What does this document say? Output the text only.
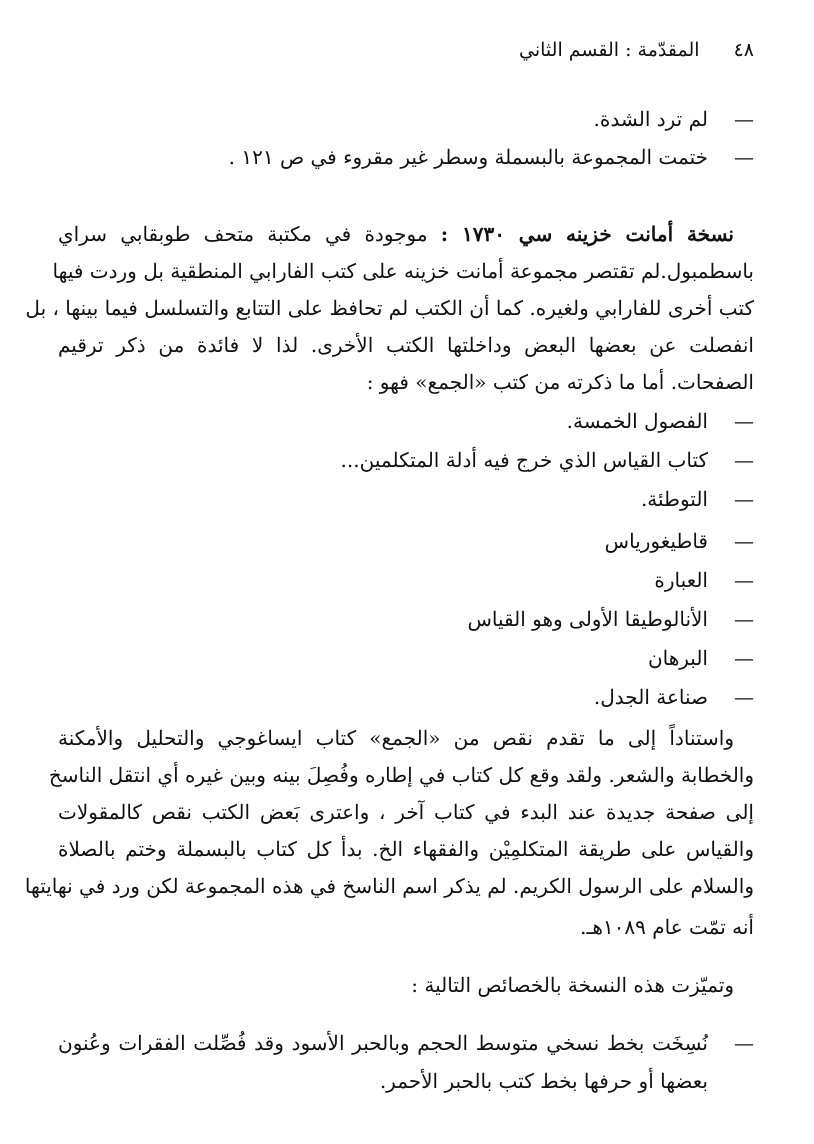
٤٨ المقدّمة : القسم الثاني
—لم ترد الشدة.
—ختمت المجموعة بالبسملة وسطر غير مقروء في ص ١٢١ .
نسخة أمانت خزينه سي ١٧٣٠ : موجودة في مكتبة متحف طوبقابي سراي
باسطمبول.لم تقتصر مجموعة أمانت خزينه على كتب الفارابي المنطقية بل وردت فيها
كتب أخرى للفارابي ولغيره. كما أن الكتب لم تحافظ على التتابع والتسلسل فيما بينها ، بل
انفصلت عن بعضها البعض وداخلتها الكتب الأخرى. لذا لا فائدة من ذكر ترقيم
الصفحات. أما ما ذكرته من كتب «الجمع» فهو :
—الفصول الخمسة.
—كتاب القياس الذي خرج فيه أدلة المتكلمين...
—التوطئة.
—قاطيغورياس
—العبارة
—الأنالوطيقا الأولى وهو القياس
—البرهان
—صناعة الجدل.
واستناداً إلى ما تقدم نقص من «الجمع» كتاب ايساغوجي والتحليل والأمكنة
والخطابة والشعر. ولقد وقع كل كتاب في إطاره وفُصِلَ بينه وبين غيره أي انتقل الناسخ
إلى صفحة جديدة عند البدء في كتاب آخر ، واعترى بَعض الكتب نقص كالمقولات
والقياس على طريقة المتكلمِيْن والفقهاء الخ. بدأ كل كتاب بالبسملة وختم بالصلاة
والسلام على الرسول الكريم. لم يذكر اسم الناسخ في هذه المجموعة لكن ورد في نهايتها
أنه تمّت عام ١٠٨٩هـ.
وتميّزت هذه النسخة بالخصائص التالية :
—نُسِخَت بخط نسخي متوسط الحجم وبالحبر الأسود وقد فُصِّلت الفقرات وعُنون
بعضها أو حرفها بخط كتب بالحبر الأحمر.
